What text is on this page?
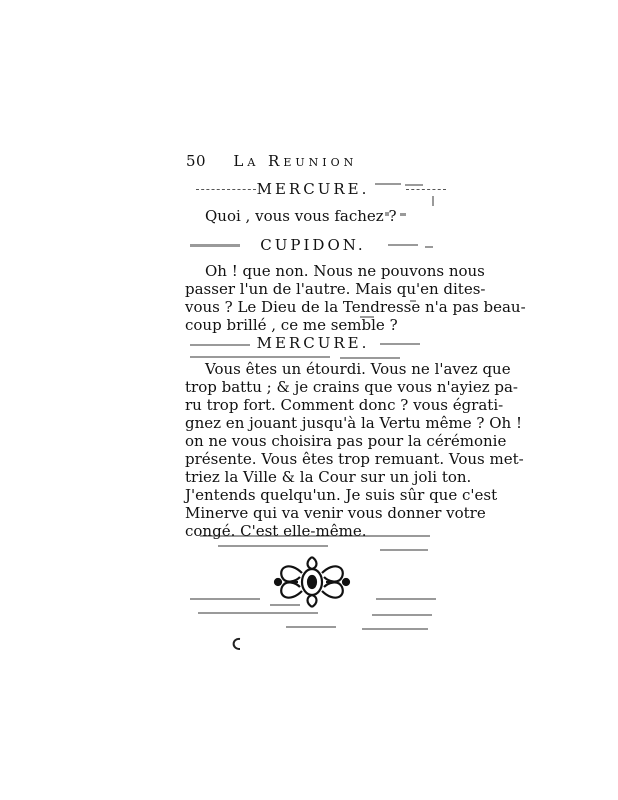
50 La Reunion
MERCURE.
Quoi , vous vous fachez ?
CUPIDON.
Oh ! que non. Nous ne pouvons nous
passer l'un de l'autre. Mais qu'en dites-
vous ? Le Dieu de la Tendresse n'a pas beau-
coup brillé , ce me semble ?
MERCURE.
Vous êtes un étourdi. Vous ne l'avez que
trop battu ; & je crains que vous n'ayiez pa-
ru trop fort. Comment donc ? vous égrati-
gnez en jouant jusqu'à la Vertu même ? Oh !
on ne vous choisira pas pour la cérémonie
présente. Vous êtes trop remuant. Vous met-
triez la Ville & la Cour sur un joli ton.
J'entends quelqu'un. Je suis sûr que c'est
Minerve qui va venir vous donner votre
congé. C'est elle-même.
